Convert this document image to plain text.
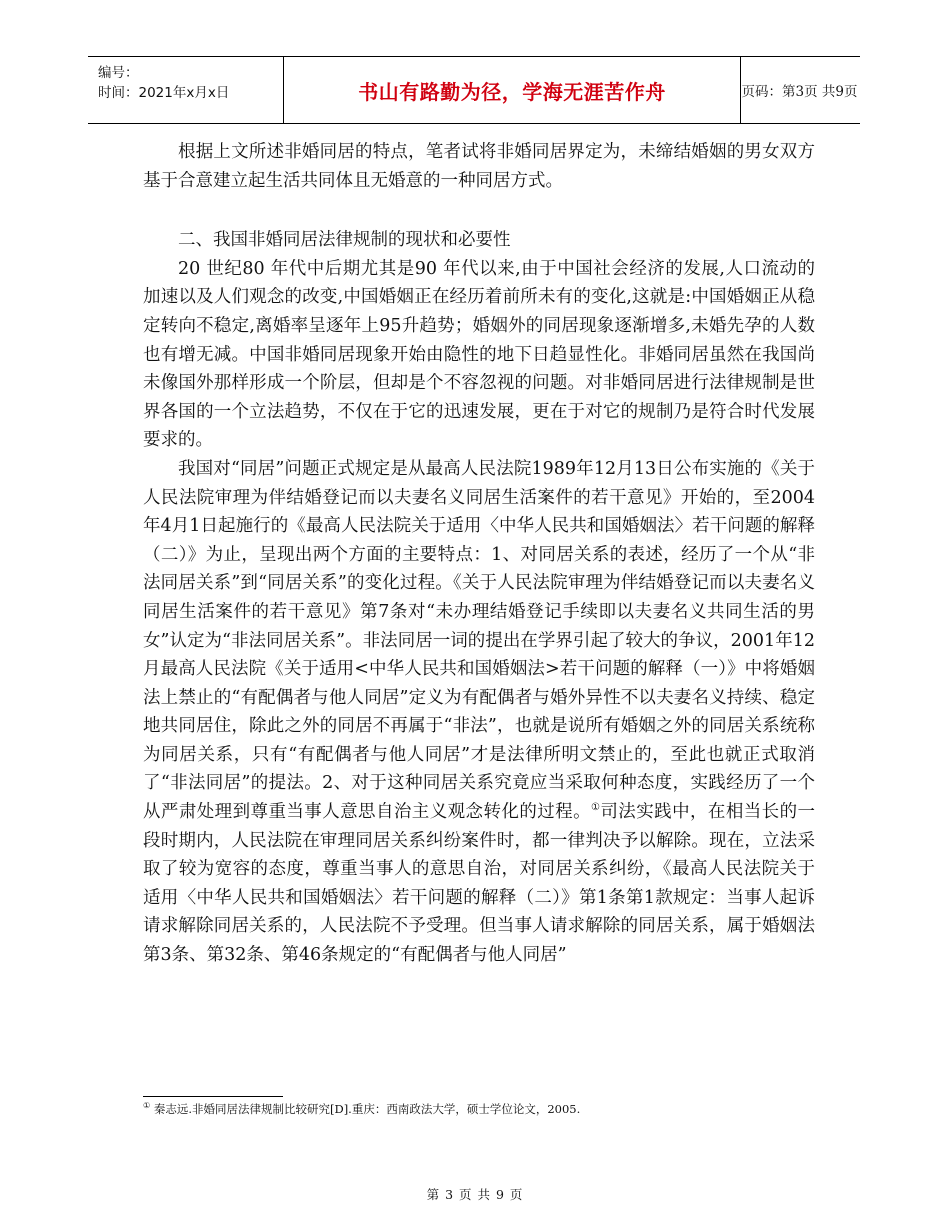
编号：
时间：2021年x月x日	书山有路勤为径，学海无涯苦作舟	页码：第3页 共9页

根据上文所述非婚同居的特点，笔者试将非婚同居界定为，未缔结婚姻的男女双方基于合意建立起生活共同体且无婚意的一种同居方式。

二、我国非婚同居法律规制的现状和必要性

20 世纪80 年代中后期尤其是90 年代以来,由于中国社会经济的发展,人口流动的加速以及人们观念的改变,中国婚姻正在经历着前所未有的变化,这就是:中国婚姻正从稳定转向不稳定,离婚率呈逐年上95升趋势；婚姻外的同居现象逐渐增多,未婚先孕的人数也有增无减。中国非婚同居现象开始由隐性的地下日趋显性化。非婚同居虽然在我国尚未像国外那样形成一个阶层，但却是个不容忽视的问题。对非婚同居进行法律规制是世界各国的一个立法趋势，不仅在于它的迅速发展，更在于对它的规制乃是符合时代发展要求的。

我国对“同居”问题正式规定是从最高人民法院1989年12月13日公布实施的《关于人民法院审理为伴结婚登记而以夫妻名义同居生活案件的若干意见》开始的，至2004年4月1日起施行的《最高人民法院关于适用〈中华人民共和国婚姻法〉若干问题的解释（二）》为止，呈现出两个方面的主要特点：1、对同居关系的表述，经历了一个从“非法同居关系”到“同居关系”的变化过程。《关于人民法院审理为伴结婚登记而以夫妻名义同居生活案件的若干意见》第7条对“未办理结婚登记手续即以夫妻名义共同生活的男女”认定为“非法同居关系”。非法同居一词的提出在学界引起了较大的争议，2001年12月最高人民法院《关于适用<中华人民共和国婚姻法>若干问题的解释（一）》中将婚姻法上禁止的“有配偶者与他人同居”定义为有配偶者与婚外异性不以夫妻名义持续、稳定地共同居住，除此之外的同居不再属于“非法”，也就是说所有婚姻之外的同居关系统称为同居关系，只有“有配偶者与他人同居”才是法律所明文禁止的，至此也就正式取消了“非法同居”的提法。2、对于这种同居关系究竟应当采取何种态度，实践经历了一个从严肃处理到尊重当事人意思自治主义观念转化的过程。①司法实践中，在相当长的一段时期内，人民法院在审理同居关系纠纷案件时，都一律判决予以解除。现在，立法采取了较为宽容的态度，尊重当事人的意思自治，对同居关系纠纷，《最高人民法院关于适用〈中华人民共和国婚姻法〉若干问题的解释（二）》第1条第1款规定：当事人起诉请求解除同居关系的，人民法院不予受理。但当事人请求解除的同居关系，属于婚姻法第3条、第32条、第46条规定的“有配偶者与他人同居”

① 秦志远.非婚同居法律规制比较研究[D].重庆：西南政法大学，硕士学位论文，2005.
第 3 页 共 9 页
